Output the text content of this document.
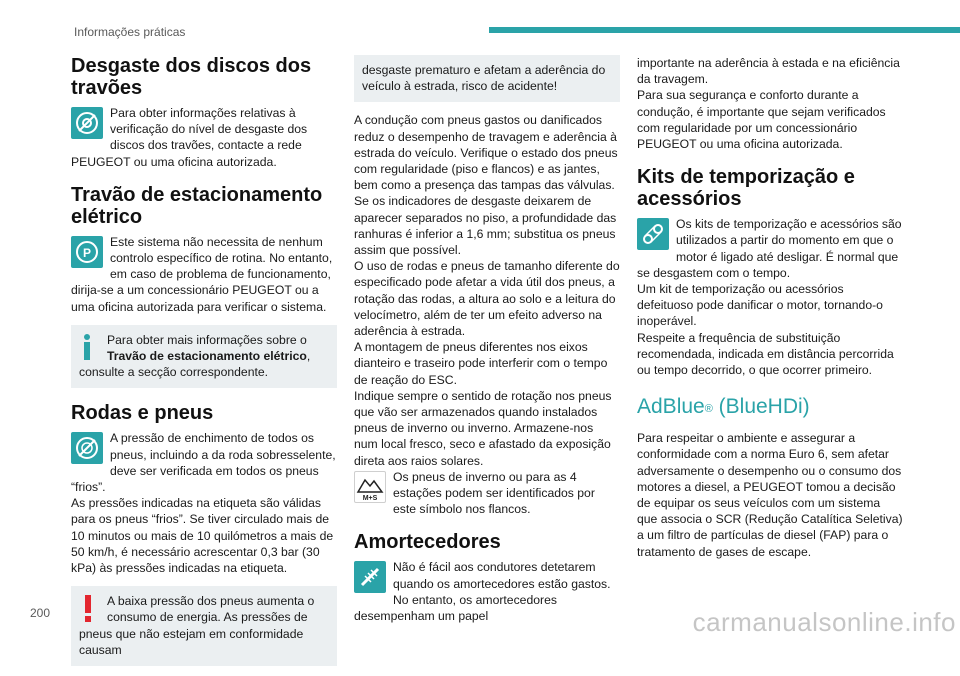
Informações práticas
Desgaste dos discos dos travões

Para obter informações relativas à verificação do nível de desgaste dos discos dos travões, contacte a rede PEUGEOT ou uma oficina autorizada.

Travão de estacionamento elétrico
P

Este sistema não necessita de nenhum controlo específico de rotina. No entanto, em caso de problema de funcionamento, dirija-se a um concessionário PEUGEOT ou a uma oficina autorizada para verificar o sistema.

Para obter mais informações sobre o Travão de estacionamento elétrico, consulte a secção correspondente.

Rodas e pneus

A pressão de enchimento de todos os pneus, incluindo a da roda sobresselente, deve ser verificada em todos os pneus “frios”.

As pressões indicadas na etiqueta são válidas para os pneus “frios”. Se tiver circulado mais de 10 minutos ou mais de 10 quilómetros a mais de 50 km/h, é necessário acrescentar 0,3 bar (30 kPa) às pressões indicadas na etiqueta.

A baixa pressão dos pneus aumenta o consumo de energia. As pressões de pneus que não estejam em conformidade causam

desgaste prematuro e afetam a aderência do veículo à estrada, risco de acidente!

A condução com pneus gastos ou danificados reduz o desempenho de travagem e aderência à estrada do veículo. Verifique o estado dos pneus com regularidade (piso e flancos) e as jantes, bem como a presença das tampas das válvulas.

Se os indicadores de desgaste deixarem de aparecer separados no piso, a profundidade das ranhuras é inferior a 1,6 mm; substitua os pneus assim que possível.

O uso de rodas e pneus de tamanho diferente do especificado pode afetar a vida útil dos pneus, a rotação das rodas, a altura ao solo e a leitura do velocímetro, além de ter um efeito adverso na aderência à estrada.

A montagem de pneus diferentes nos eixos dianteiro e traseiro pode interferir com o tempo de reação do ESC.

Indique sempre o sentido de rotação nos pneus que vão ser armazenados quando instalados pneus de inverno ou inverno. Armazene-nos num local fresco, seco e afastado da exposição direta aos raios solares.

M+S

Os pneus de inverno ou para as 4 estações podem ser identificados por este símbolo nos flancos.

Amortecedores

Não é fácil aos condutores detetarem quando os amortecedores estão gastos. No entanto, os amortecedores desempenham um papel

importante na aderência à estada e na eficiência da travagem.

Para sua segurança e conforto durante a condução, é importante que sejam verificados com regularidade por um concessionário PEUGEOT ou uma oficina autorizada.

Kits de temporização e acessórios

Os kits de temporização e acessórios são utilizados a partir do momento em que o motor é ligado até desligar. É normal que se desgastem com o tempo.

Um kit de temporização ou acessórios defeituoso pode danificar o motor, tornando-o inoperável.

Respeite a frequência de substituição recomendada, indicada em distância percorrida ou tempo decorrido, o que ocorrer primeiro.

AdBlue® (BlueHDi)

Para respeitar o ambiente e assegurar a conformidade com a norma Euro 6, sem afetar adversamente o desempenho ou o consumo dos motores a diesel, a PEUGEOT tomou a decisão de equipar os seus veículos com um sistema que associa o SCR (Redução Catalítica Seletiva) a um filtro de partículas de diesel (FAP) para o tratamento de gases de escape.

200	carmanualsonline.info
